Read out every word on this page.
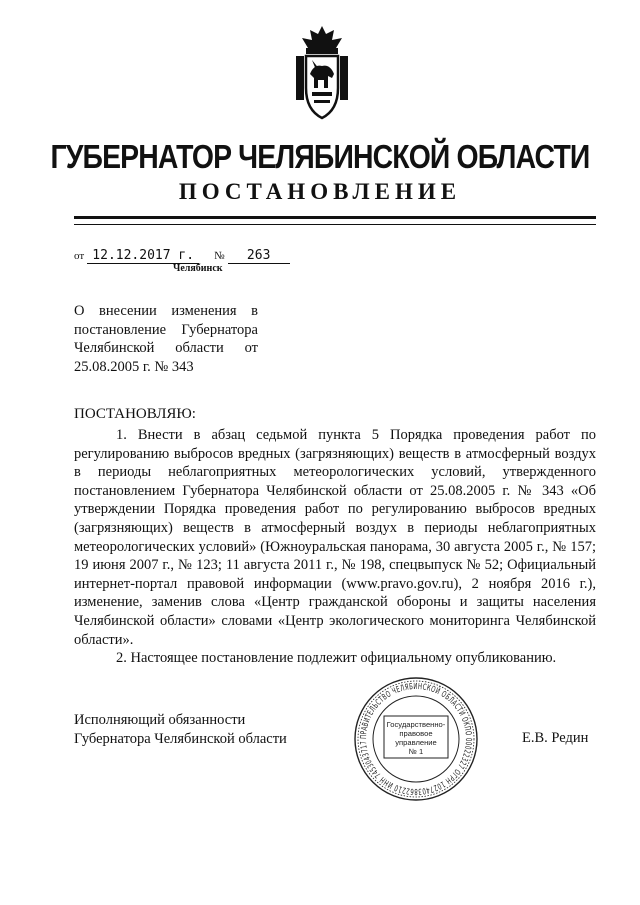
ГУБЕРНАТОР ЧЕЛЯБИНСКОЙ ОБЛАСТИ
ПОСТАНОВЛЕНИЕ
от 12.12.2017 г. № 263
Челябинск
О внесении изменения в постановление Губернатора Челябинской области от 25.08.2005 г. № 343
ПОСТАНОВЛЯЮ:

1. Внести в абзац седьмой пункта 5 Порядка проведения работ по регулированию выбросов вредных (загрязняющих) веществ в атмосферный воздух в периоды неблагоприятных метеорологических условий, утвержденного постановлением Губернатора Челябинской области от 25.08.2005 г. № 343 «Об утверждении Порядка проведения работ по регулированию выбросов вредных (загрязняющих) веществ в атмосферный воздух в периоды неблагоприятных метеорологических условий» (Южноуральская панорама, 30 августа 2005 г., № 157; 19 июня 2007 г., № 123; 11 августа 2011 г., № 198, спецвыпуск № 52; Официальный интернет-портал правовой информации (www.pravo.gov.ru), 2 ноября 2016 г.), изменение, заменив слова «Центр гражданской обороны и защиты населения Челябинской области» словами «Центр экологического мониторинга Челябинской области».

2. Настоящее постановление подлежит официальному опубликованию.

Исполняющий обязанности
Губернатора Челябинской области	Е.В. Редин
ПРАВИТЕЛЬСТВО ЧЕЛЯБИНСКОЙ ОБЛАСТИ ОКПО 00022327 ОГРН 1027403862210 ИНН 7453043717
Государственно-
правовое
управление
№ 1
